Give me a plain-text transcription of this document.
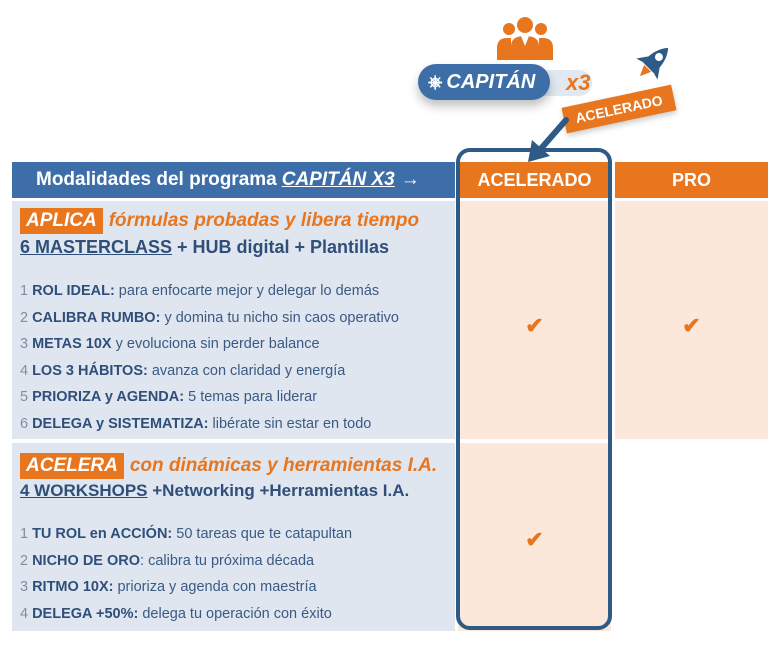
⎈ CAPITÁN x3
ACELERADO
Modalidades del programa CAPITÁN X3 →	ACELERADO	PRO
APLICA fórmulas probadas y libera tiempo
6 MASTERCLASS + HUB digital + Plantillas
1 ROL IDEAL: para enfocarte mejor y delegar lo demás
2 CALIBRA RUMBO: y domina tu nicho sin caos operativo
3 METAS 10X y evoluciona sin perder balance
4 LOS 3 HÁBITOS: avanza con claridad y energía
5 PRIORIZA y AGENDA: 5 temas para liderar
6 DELEGA y SISTEMATIZA: libérate sin estar en todo
✔	✔
ACELERA con dinámicas y herramientas I.A.
4 WORKSHOPS +Networking +Herramientas I.A.
1 TU ROL en ACCIÓN: 50 tareas que te catapultan
2 NICHO DE ORO: calibra tu próxima década
3 RITMO 10X: prioriza y agenda con maestría
4 DELEGA +50%: delega tu operación con éxito
✔
